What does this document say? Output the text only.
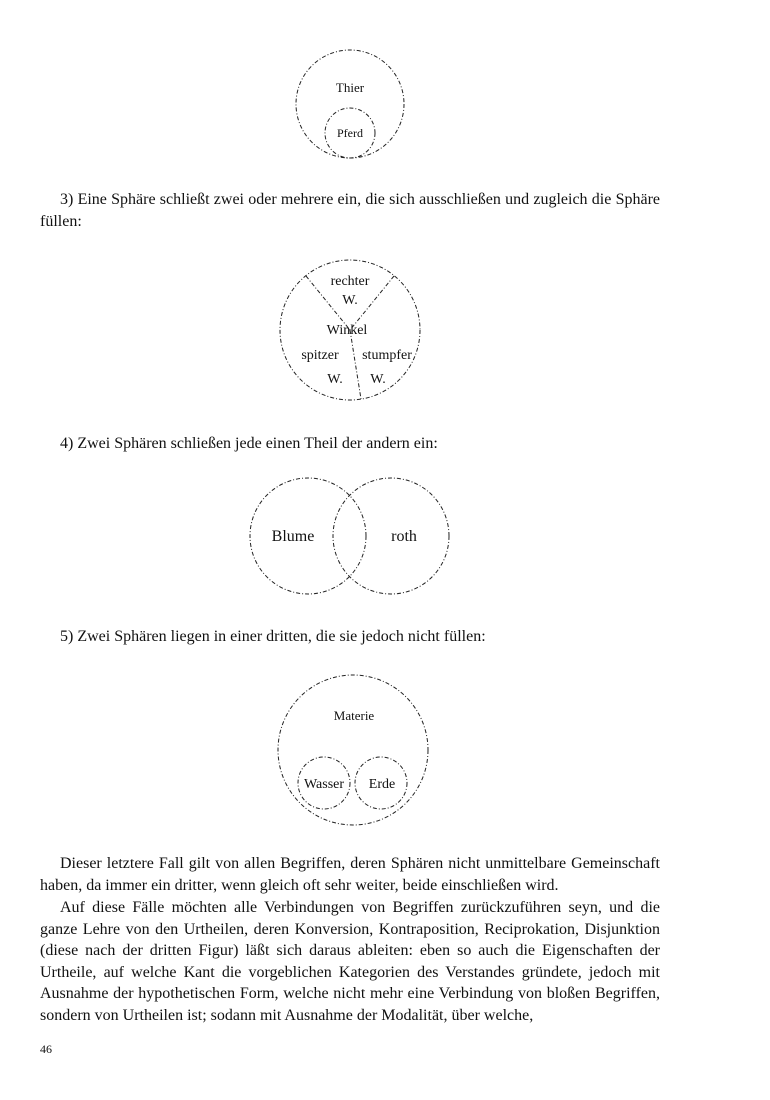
Thier
Pferd
rechter
W.
Winkel
spitzer
W.
stumpfer
W.
Blume	roth
Materie
Wasser Erde

3) Eine Sphäre schließt zwei oder mehrere ein, die sich ausschließen und zugleich die Sphäre füllen:

4) Zwei Sphären schließen jede einen Theil der andern ein:

5) Zwei Sphären liegen in einer dritten, die sie jedoch nicht füllen:

Dieser letztere Fall gilt von allen Begriffen, deren Sphären nicht unmittelbare Gemeinschaft haben, da immer ein dritter, wenn gleich oft sehr weiter, beide einschließen wird.

Auf diese Fälle möchten alle Verbindungen von Begriffen zurückzuführen seyn, und die ganze Lehre von den Urtheilen, deren Konversion, Kontraposition, Reciprokation, Disjunktion (diese nach der dritten Figur) läßt sich daraus ableiten: eben so auch die Eigenschaften der Urtheile, auf welche Kant die vorgeblichen Kategorien des Verstandes gründete, jedoch mit Ausnahme der hypothetischen Form, welche nicht mehr eine Verbindung von bloßen Begriffen, sondern von Urtheilen ist; sodann mit Ausnahme der Modalität, über welche,

46
